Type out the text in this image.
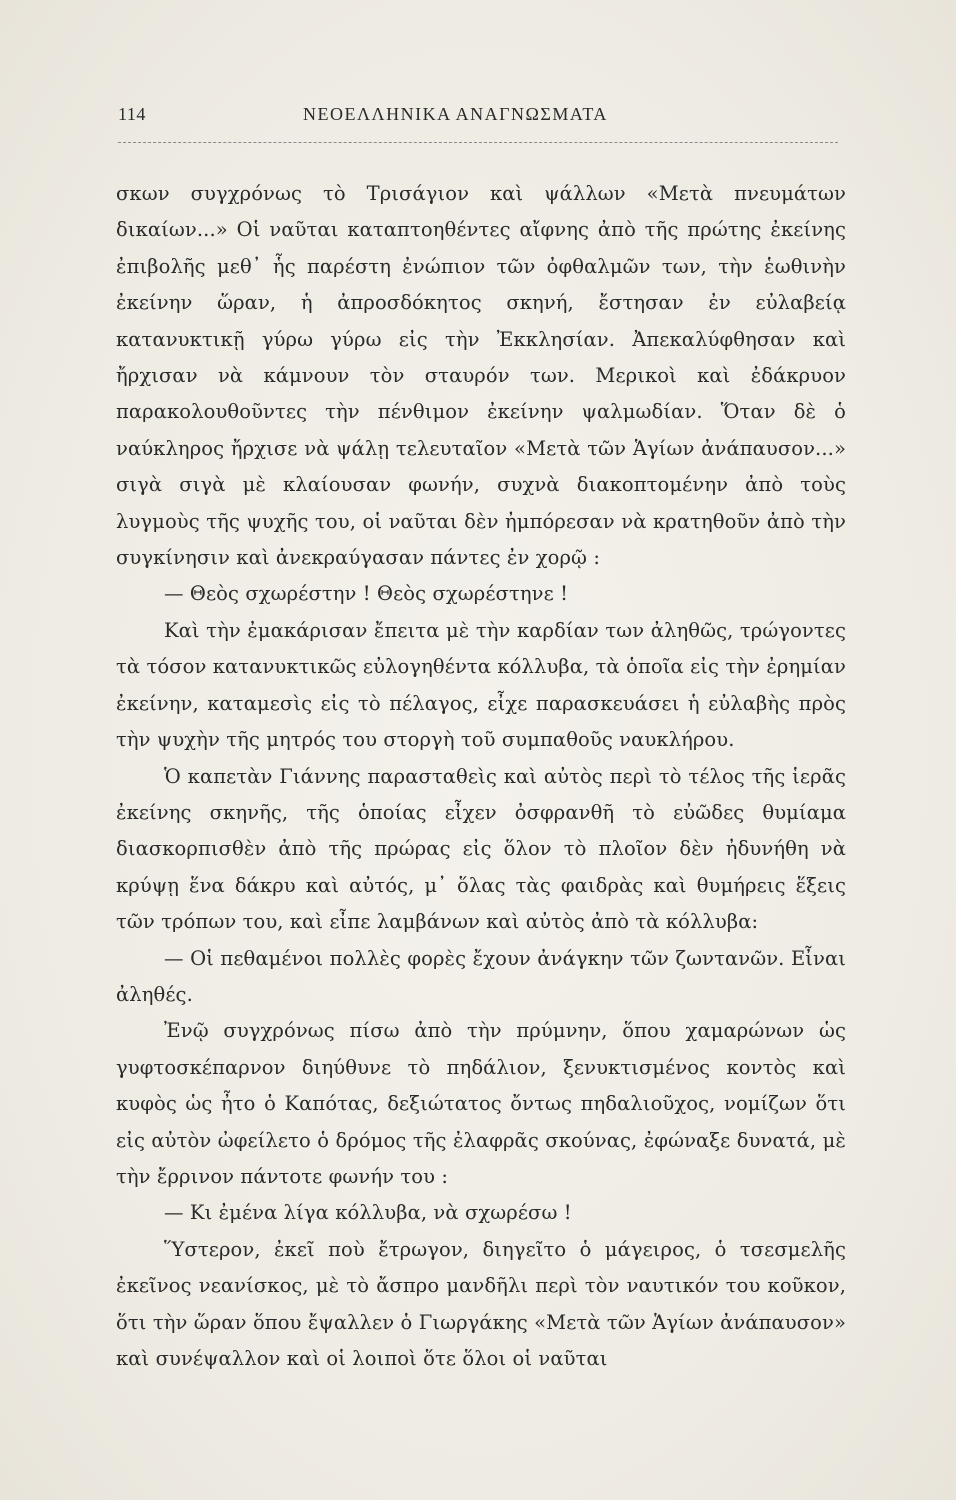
114	ΝΕΟΕΛΛΗΝΙΚΑ ΑΝΑΓΝΩΣΜΑΤΑ

σκων συγχρόνως τὸ Τρισάγιον καὶ ψάλλων «Μετὰ πνευμάτων δικαίων...» Οἱ ναῦται καταπτοηθέντες αἴφνης ἀπὸ τῆς πρώτης ἐκείνης ἐπιβολῆς μεθ᾽ ἧς παρέστη ἐνώπιον τῶν ὀφθαλμῶν των, τὴν ἑωθινὴν ἐκείνην ὥραν, ἡ ἀπροσδόκητος σκηνή, ἔστησαν ἐν εὐλαβείᾳ κατανυκτικῇ γύρω γύρω εἰς τὴν Ἐκκλησίαν. Ἀπεκαλύφθησαν καὶ ἤρχισαν νὰ κάμνουν τὸν σταυρόν των. Μερικοὶ καὶ ἐδάκρυον παρακολουθοῦντες τὴν πένθιμον ἐκείνην ψαλμωδίαν. Ὅταν δὲ ὁ ναύκληρος ἤρχισε νὰ ψάλῃ τελευταῖον «Μετὰ τῶν Ἁγίων ἀνάπαυσον...» σιγὰ σιγὰ μὲ κλαίουσαν φωνήν, συχνὰ διακοπτομένην ἀπὸ τοὺς λυγμοὺς τῆς ψυχῆς του, οἱ ναῦται δὲν ἠμπόρεσαν νὰ κρατηθοῦν ἀπὸ τὴν συγκίνησιν καὶ ἀνεκραύγασαν πάντες ἐν χορῷ :

— Θεὸς σχωρέστην ! Θεὸς σχωρέστηνε !

Καὶ τὴν ἐμακάρισαν ἔπειτα μὲ τὴν καρδίαν των ἀληθῶς, τρώγοντες τὰ τόσον κατανυκτικῶς εὐλογηθέντα κόλλυβα, τὰ ὁποῖα εἰς τὴν ἐρημίαν ἐκείνην, καταμεσὶς εἰς τὸ πέλαγος, εἶχε παρασκευάσει ἡ εὐλαβὴς πρὸς τὴν ψυχὴν τῆς μητρός του στοργὴ τοῦ συμπαθοῦς ναυκλήρου.

Ὁ καπετὰν Γιάννης παρασταθεὶς καὶ αὐτὸς περὶ τὸ τέλος τῆς ἱερᾶς ἐκείνης σκηνῆς, τῆς ὁποίας εἶχεν ὀσφρανθῆ τὸ εὐῶδες θυμίαμα διασκορπισθὲν ἀπὸ τῆς πρώρας εἰς ὅλον τὸ πλοῖον δὲν ἠδυνήθη νὰ κρύψῃ ἕνα δάκρυ καὶ αὐτός, μ᾽ ὅλας τὰς φαιδρὰς καὶ θυμήρεις ἕξεις τῶν τρόπων του, καὶ εἶπε λαμβάνων καὶ αὐτὸς ἀπὸ τὰ κόλλυβα:

— Οἱ πεθαμένοι πολλὲς φορὲς ἔχουν ἀνάγκην τῶν ζωντανῶν. Εἶναι ἀληθές.

Ἐνῷ συγχρόνως πίσω ἀπὸ τὴν πρύμνην, ὅπου χαμαρώνων ὡς γυφτοσκέπαρνον διηύθυνε τὸ πηδάλιον, ξενυκτισμένος κοντὸς καὶ κυφὸς ὡς ἦτο ὁ Καπότας, δεξιώτατος ὄντως πηδαλιοῦχος, νομίζων ὅτι εἰς αὐτὸν ὠφείλετο ὁ δρόμος τῆς ἐλαφρᾶς σκούνας, ἐφώναξε δυνατά, μὲ τὴν ἔρρινον πάντοτε φωνήν του :

— Κι ἐμένα λίγα κόλλυβα, νὰ σχωρέσω !

Ὕστερον, ἐκεῖ ποὺ ἔτρωγον, διηγεῖτο ὁ μάγειρος, ὁ τσεσμελῆς ἐκεῖνος νεανίσκος, μὲ τὸ ἄσπρο μανδῆλι περὶ τὸν ναυτικόν του κοῦκον, ὅτι τὴν ὥραν ὅπου ἔψαλλεν ὁ Γιωργάκης «Μετὰ τῶν Ἁγίων ἀνάπαυσον» καὶ συνέψαλλον καὶ οἱ λοιποὶ ὅτε ὅλοι οἱ ναῦται
